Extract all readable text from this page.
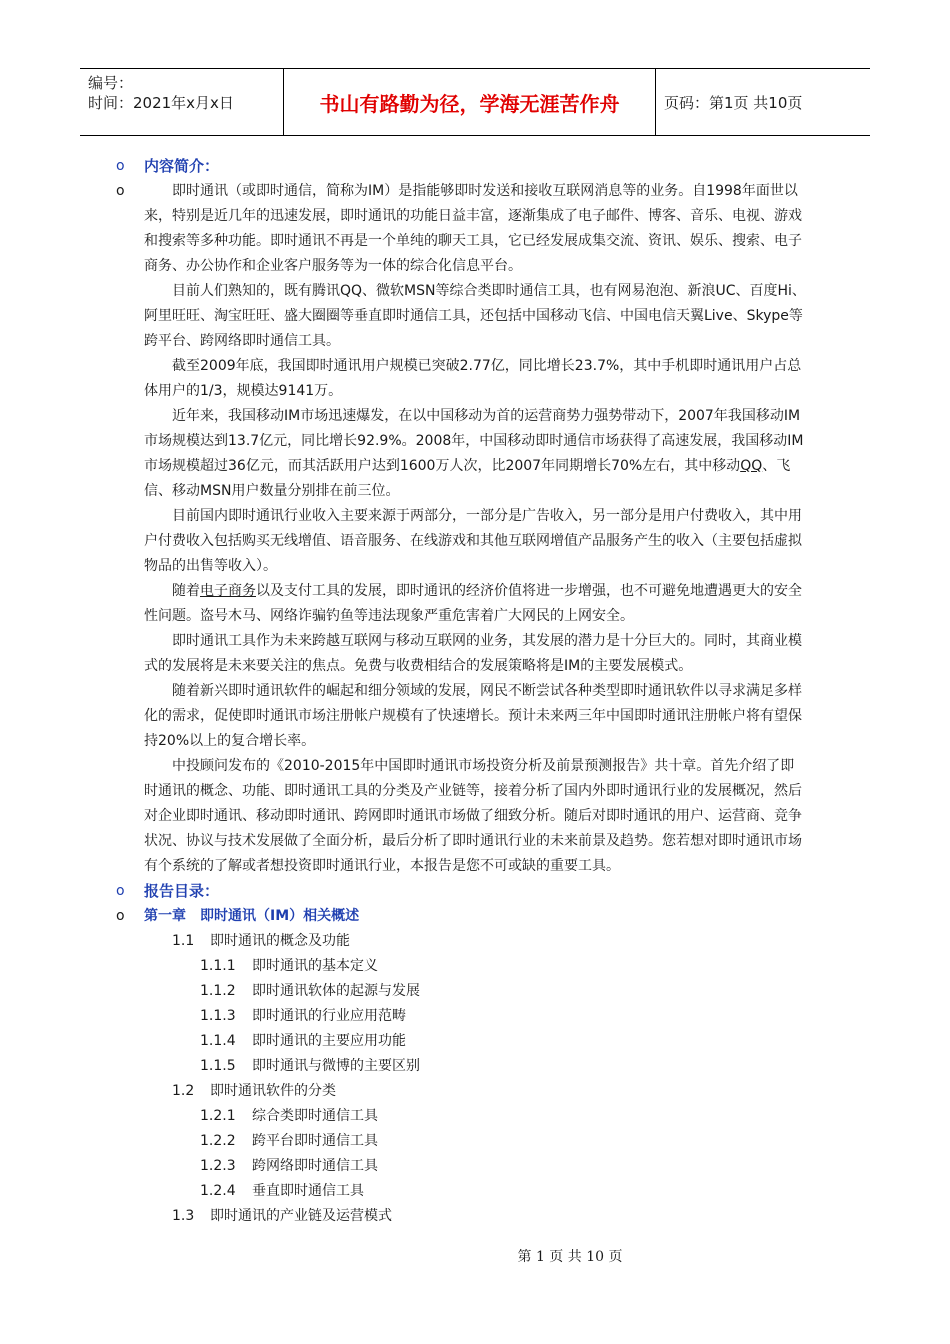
编号：
时间：2021年x月x日	书山有路勤为径，学海无涯苦作舟	页码：第1页 共10页
o	内容简介：
o	即时通讯（或即时通信，简称为IM）是指能够即时发送和接收互联网消息等的业务。自1998年面世以来，特别是近几年的迅速发展，即时通讯的功能日益丰富，逐渐集成了电子邮件、博客、音乐、电视、游戏和搜索等多种功能。即时通讯不再是一个单纯的聊天工具，它已经发展成集交流、资讯、娱乐、搜索、电子商务、办公协作和企业客户服务等为一体的综合化信息平台。

目前人们熟知的，既有腾讯QQ、微软MSN等综合类即时通信工具，也有网易泡泡、新浪UC、百度Hi、阿里旺旺、淘宝旺旺、盛大圈圈等垂直即时通信工具，还包括中国移动飞信、中国电信天翼Live、Skype等跨平台、跨网络即时通信工具。

截至2009年底，我国即时通讯用户规模已突破2.77亿，同比增长23.7%，其中手机即时通讯用户占总体用户的1/3，规模达9141万。

近年来，我国移动IM市场迅速爆发，在以中国移动为首的运营商势力强势带动下，2007年我国移动IM市场规模达到13.7亿元，同比增长92.9%。2008年，中国移动即时通信市场获得了高速发展，我国移动IM市场规模超过36亿元，而其活跃用户达到1600万人次，比2007年同期增长70%左右，其中移动QQ、飞信、移动MSN用户数量分别排在前三位。

目前国内即时通讯行业收入主要来源于两部分，一部分是广告收入，另一部分是用户付费收入，其中用户付费收入包括购买无线增值、语音服务、在线游戏和其他互联网增值产品服务产生的收入（主要包括虚拟物品的出售等收入）。

随着电子商务以及支付工具的发展，即时通讯的经济价值将进一步增强，也不可避免地遭遇更大的安全性问题。盗号木马、网络诈骗钓鱼等违法现象严重危害着广大网民的上网安全。

即时通讯工具作为未来跨越互联网与移动互联网的业务，其发展的潜力是十分巨大的。同时，其商业模式的发展将是未来要关注的焦点。免费与收费相结合的发展策略将是IM的主要发展模式。

随着新兴即时通讯软件的崛起和细分领域的发展，网民不断尝试各种类型即时通讯软件以寻求满足多样化的需求，促使即时通讯市场注册帐户规模有了快速增长。预计未来两三年中国即时通讯注册帐户将有望保持20%以上的复合增长率。

中投顾问发布的《2010-2015年中国即时通讯市场投资分析及前景预测报告》共十章。首先介绍了即时通讯的概念、功能、即时通讯工具的分类及产业链等，接着分析了国内外即时通讯行业的发展概况，然后对企业即时通讯、移动即时通讯、跨网即时通讯市场做了细致分析。随后对即时通讯的用户、运营商、竞争状况、协议与技术发展做了全面分析，最后分析了即时通讯行业的未来前景及趋势。您若想对即时通讯市场有个系统的了解或者想投资即时通讯行业，本报告是您不可或缺的重要工具。

o	报告目录：
o	第一章　即时通讯（IM）相关概述
1.1 即时通讯的概念及功能
1.1.1 即时通讯的基本定义
1.1.2 即时通讯软体的起源与发展
1.1.3 即时通讯的行业应用范畴
1.1.4 即时通讯的主要应用功能
1.1.5 即时通讯与微博的主要区别
1.2 即时通讯软件的分类
1.2.1 综合类即时通信工具
1.2.2 跨平台即时通信工具
1.2.3 跨网络即时通信工具
1.2.4 垂直即时通信工具
1.3 即时通讯的产业链及运营模式
第 1 页 共 10 页
